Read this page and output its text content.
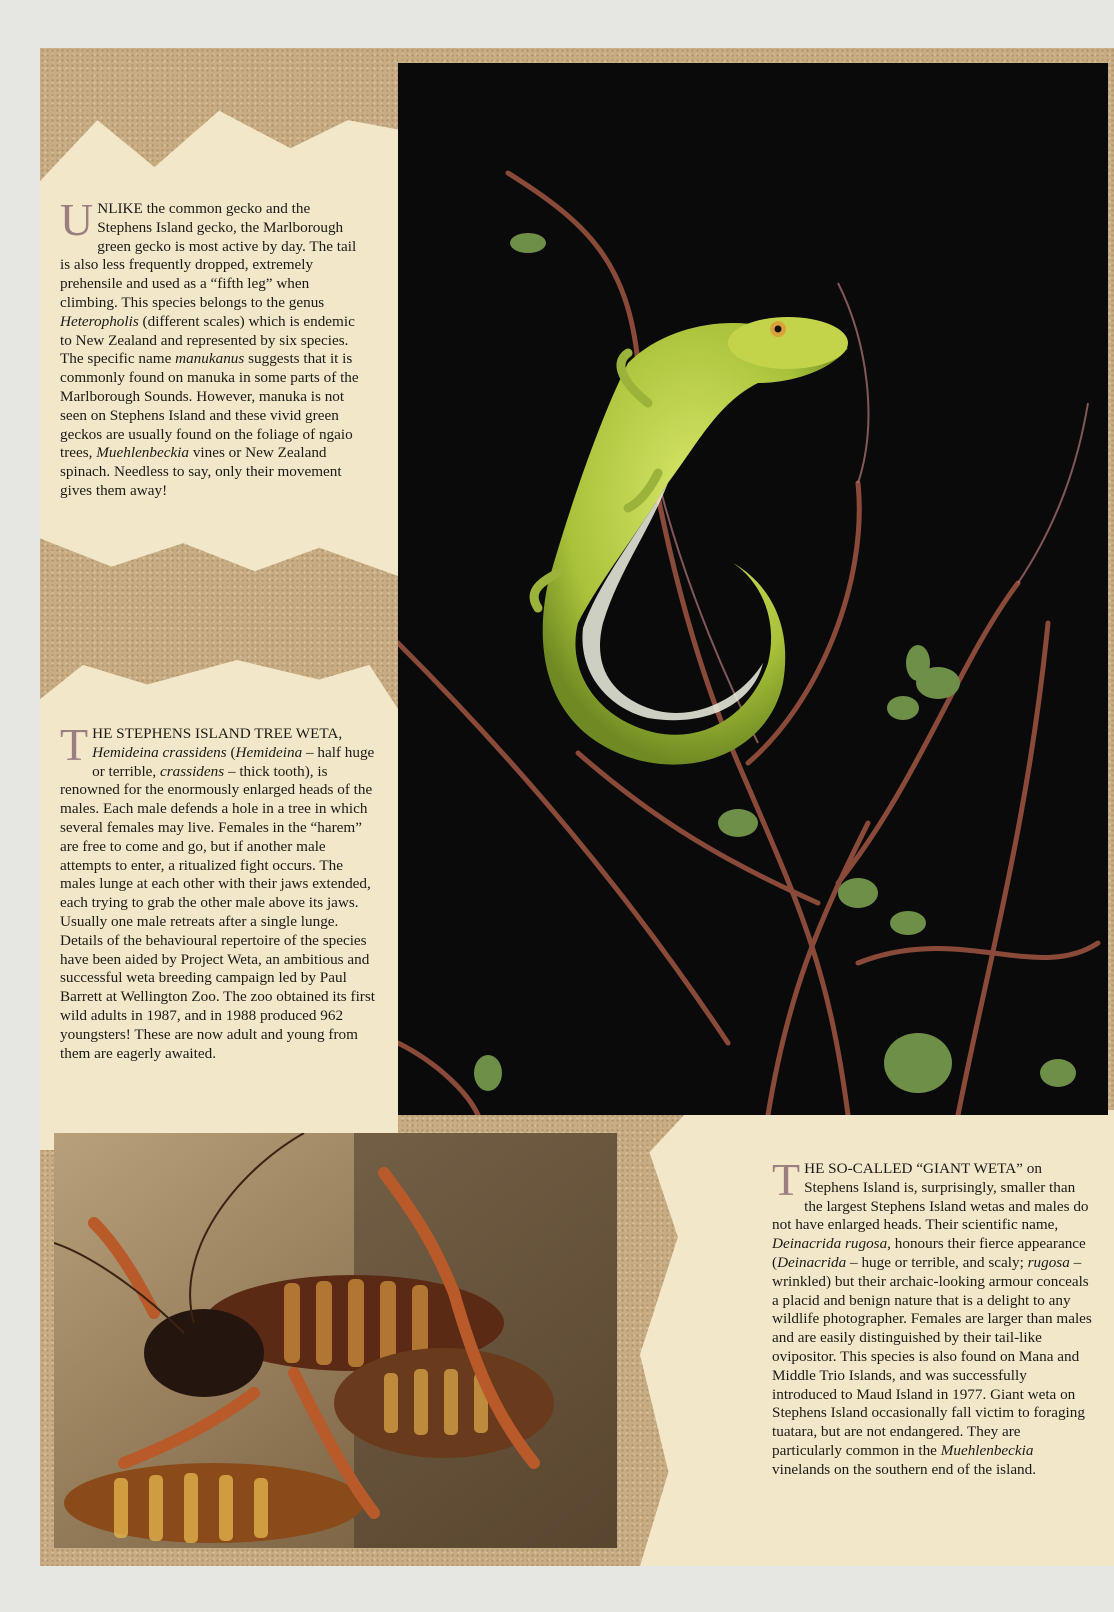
UNLIKE the common gecko and the Stephens Island gecko, the Marlborough green gecko is most active by day. The tail is also less frequently dropped, extremely prehensile and used as a “fifth leg” when climbing. This species belongs to the genus Heteropholis (different scales) which is endemic to New Zealand and represented by six species. The specific name manukanus suggests that it is commonly found on manuka in some parts of the Marlborough Sounds. However, manuka is not seen on Stephens Island and these vivid green geckos are usually found on the foliage of ngaio trees, Muehlenbeckia vines or New Zealand spinach. Needless to say, only their movement gives them away!

THE STEPHENS ISLAND TREE WETA, Hemideina crassidens (Hemideina – half huge or terrible, crassidens – thick tooth), is renowned for the enormously enlarged heads of the males. Each male defends a hole in a tree in which several females may live. Females in the “harem” are free to come and go, but if another male attempts to enter, a ritualized fight occurs. The males lunge at each other with their jaws extended, each trying to grab the other male above its jaws. Usually one male retreats after a single lunge. Details of the behavioural repertoire of the species have been aided by Project Weta, an ambitious and successful weta breeding campaign led by Paul Barrett at Wellington Zoo. The zoo obtained its first wild adults in 1987, and in 1988 produced 962 youngsters! These are now adult and young from them are eagerly awaited.

THE SO-CALLED “GIANT WETA” on Stephens Island is, surprisingly, smaller than the largest Stephens Island wetas and males do not have enlarged heads. Their scientific name, Deinacrida rugosa, honours their fierce appearance (Deinacrida – huge or terrible, and scaly; rugosa – wrinkled) but their archaic-looking armour conceals a placid and benign nature that is a delight to any wildlife photographer. Females are larger than males and are easily distinguished by their tail-like ovipositor. This species is also found on Mana and Middle Trio Islands, and was successfully introduced to Maud Island in 1977. Giant weta on Stephens Island occasionally fall victim to foraging tuatara, but are not endangered. They are particularly common in the Muehlenbeckia vinelands on the southern end of the island.
